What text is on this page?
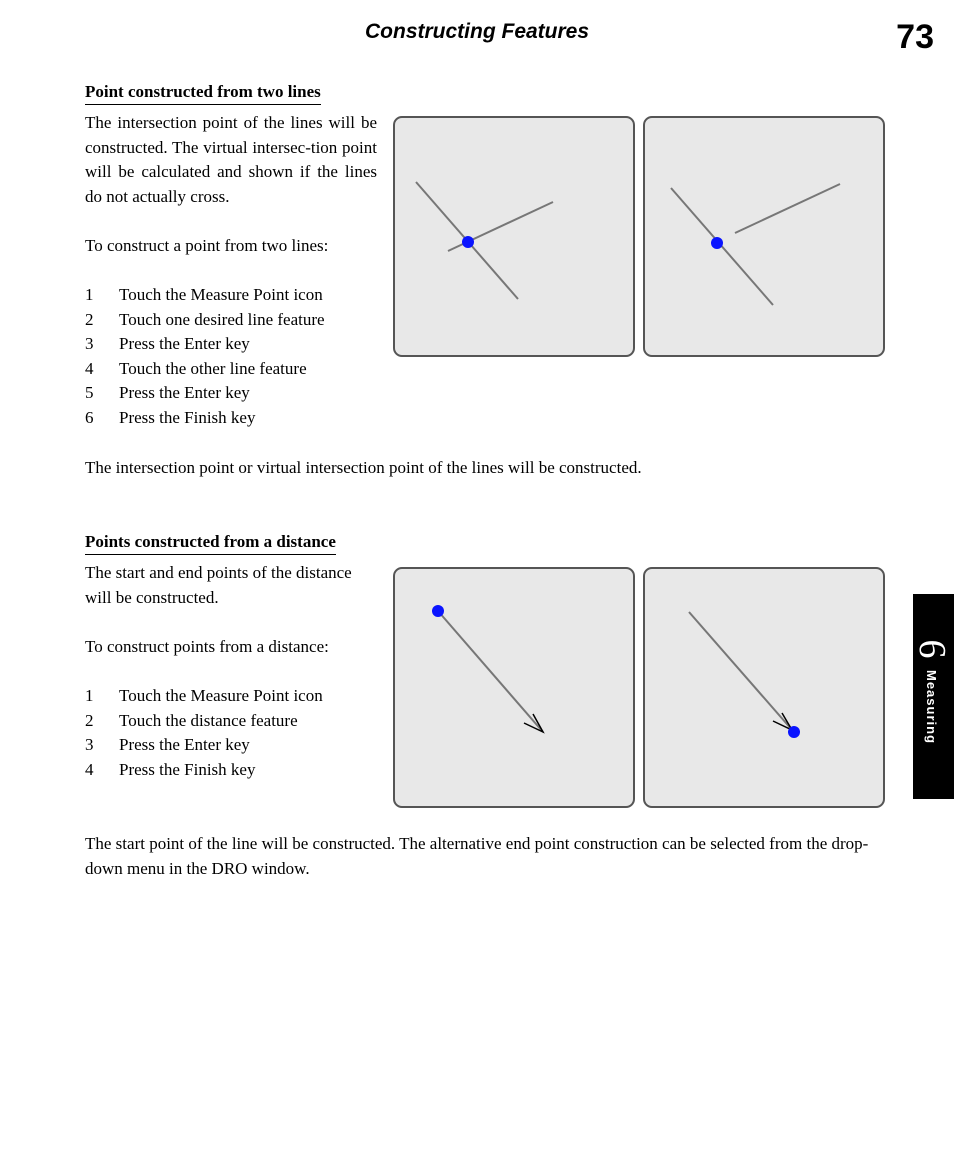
Constructing Features	73
Point constructed from two lines

The intersection point of the lines will be constructed. The virtual intersec-tion point will be calculated and shown if the lines do not actually cross.

To construct a point from two lines:

1 Touch the Measure Point icon
2 Touch one desired line feature
3 Press the Enter key
4 Touch the other line feature
5 Press the Enter key
6 Press the Finish key

The intersection point or virtual intersection point of the lines will be constructed.

Points constructed from a distance

The start and end points of the distance will be constructed.

To construct points from a distance:

1 Touch the Measure Point icon
2 Touch the distance feature
3 Press the Enter key
4 Press the Finish key

The start point of the line will be constructed. The alternative end point construction can be selected from the drop-down menu in the DRO window.

6
Measuring
